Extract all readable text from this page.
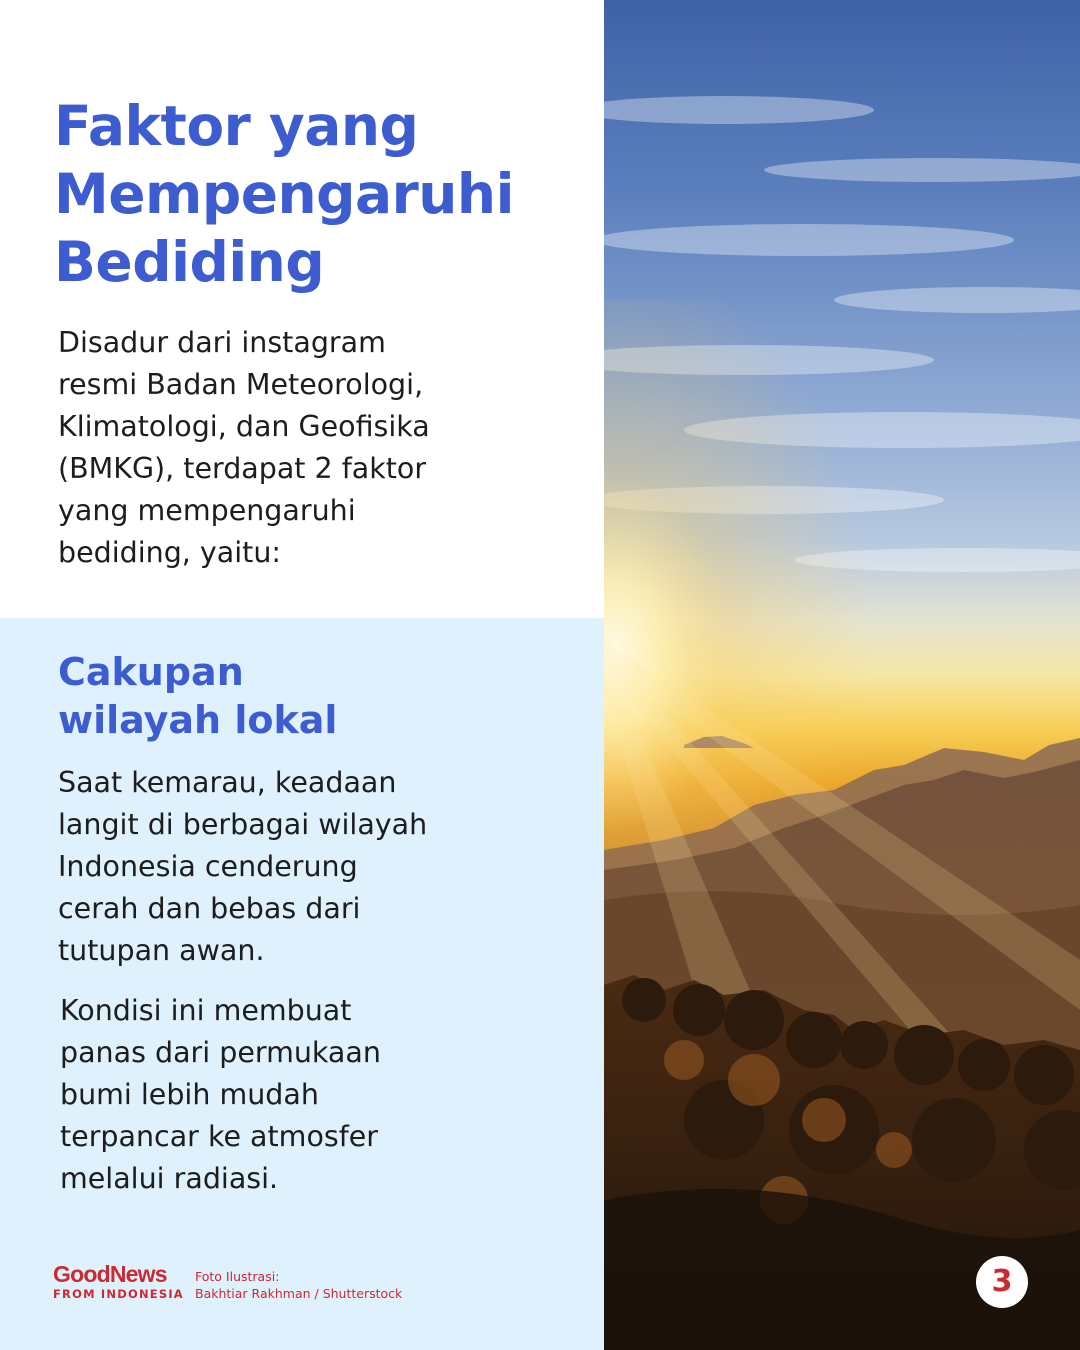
Faktor yang
Mempengaruhi
Bediding

Disadur dari instagram
resmi Badan Meteorologi,
Klimatologi, dan Geofisika
(BMKG), terdapat 2 faktor
yang mempengaruhi
bediding, yaitu:

Cakupan
wilayah lokal

Saat kemarau, keadaan
langit di berbagai wilayah
Indonesia cenderung
cerah dan bebas dari
tutupan awan.

Kondisi ini membuat
panas dari permukaan
bumi lebih mudah
terpancar ke atmosfer
melalui radiasi.

GoodNews
FROM INDONESIA
Foto Ilustrasi:
Bakhtiar Rakhman / Shutterstock	3
